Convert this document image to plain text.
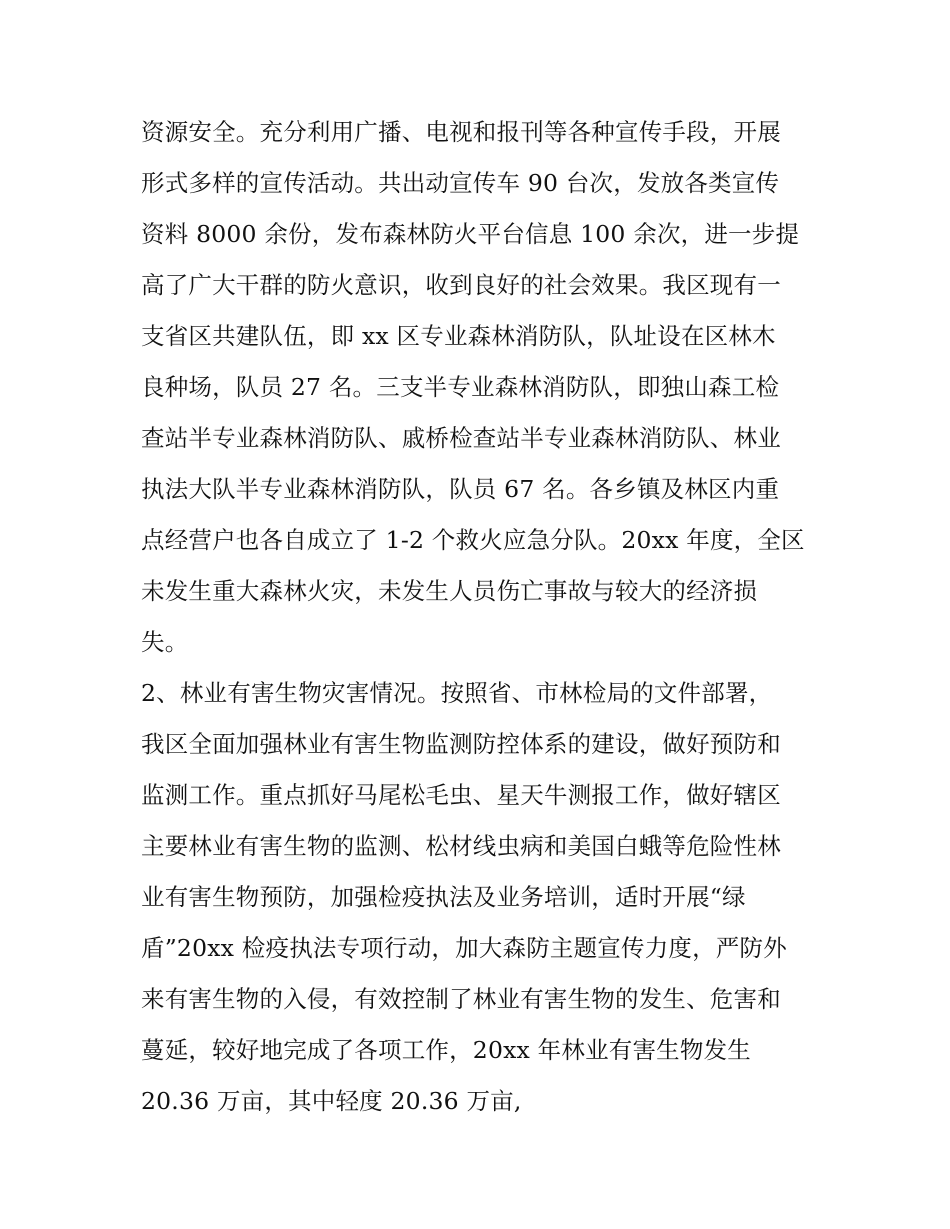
资源安全。充分利用广播、电视和报刊等各种宣传手段，开展
形式多样的宣传活动。共出动宣传车 90 台次，发放各类宣传
资料 8000 余份，发布森林防火平台信息 100 余次，进一步提
高了广大干群的防火意识，收到良好的社会效果。我区现有一
支省区共建队伍，即 xx 区专业森林消防队，队址设在区林木
良种场，队员 27 名。三支半专业森林消防队，即独山森工检
查站半专业森林消防队、戚桥检查站半专业森林消防队、林业
执法大队半专业森林消防队，队员 67 名。各乡镇及林区内重
点经营户也各自成立了 1-2 个救火应急分队。20xx 年度，全区
未发生重大森林火灾，未发生人员伤亡事故与较大的经济损
失。
2、林业有害生物灾害情况。按照省、市林检局的文件部署，
我区全面加强林业有害生物监测防控体系的建设，做好预防和
监测工作。重点抓好马尾松毛虫、星天牛测报工作，做好辖区
主要林业有害生物的监测、松材线虫病和美国白蛾等危险性林
业有害生物预防，加强检疫执法及业务培训，适时开展“绿
盾”20xx 检疫执法专项行动，加大森防主题宣传力度，严防外
来有害生物的入侵，有效控制了林业有害生物的发生、危害和
蔓延，较好地完成了各项工作，20xx 年林业有害生物发生
20.36 万亩，其中轻度 20.36 万亩,
